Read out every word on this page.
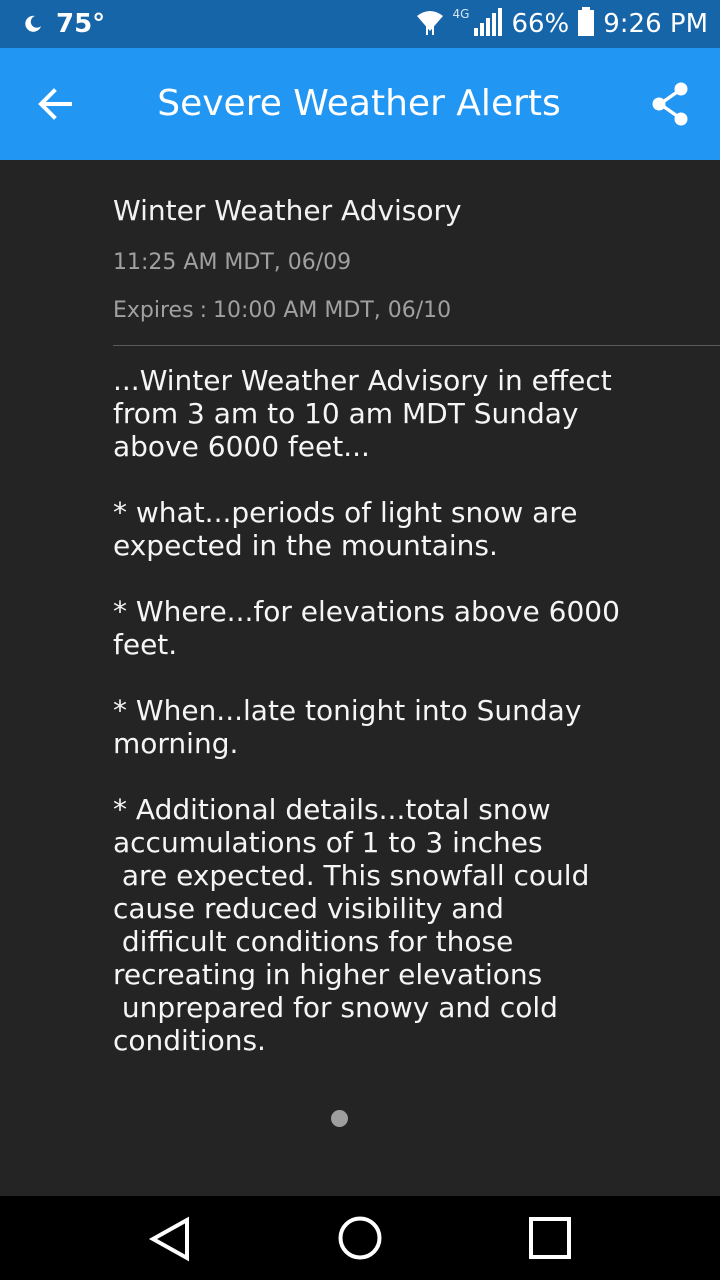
75°	4G 66% 9:26 PM
Severe Weather Alerts
Winter Weather Advisory
11:25 AM MDT, 06/09
Expires : 10:00 AM MDT, 06/10

...Winter Weather Advisory in effect
from 3 am to 10 am MDT Sunday
above 6000 feet...

* what...periods of light snow are
expected in the mountains.

* Where...for elevations above 6000
feet.

* When...late tonight into Sunday
morning.

* Additional details...total snow
accumulations of 1 to 3 inches
are expected. This snowfall could
cause reduced visibility and
difficult conditions for those
recreating in higher elevations
unprepared for snowy and cold
conditions.
